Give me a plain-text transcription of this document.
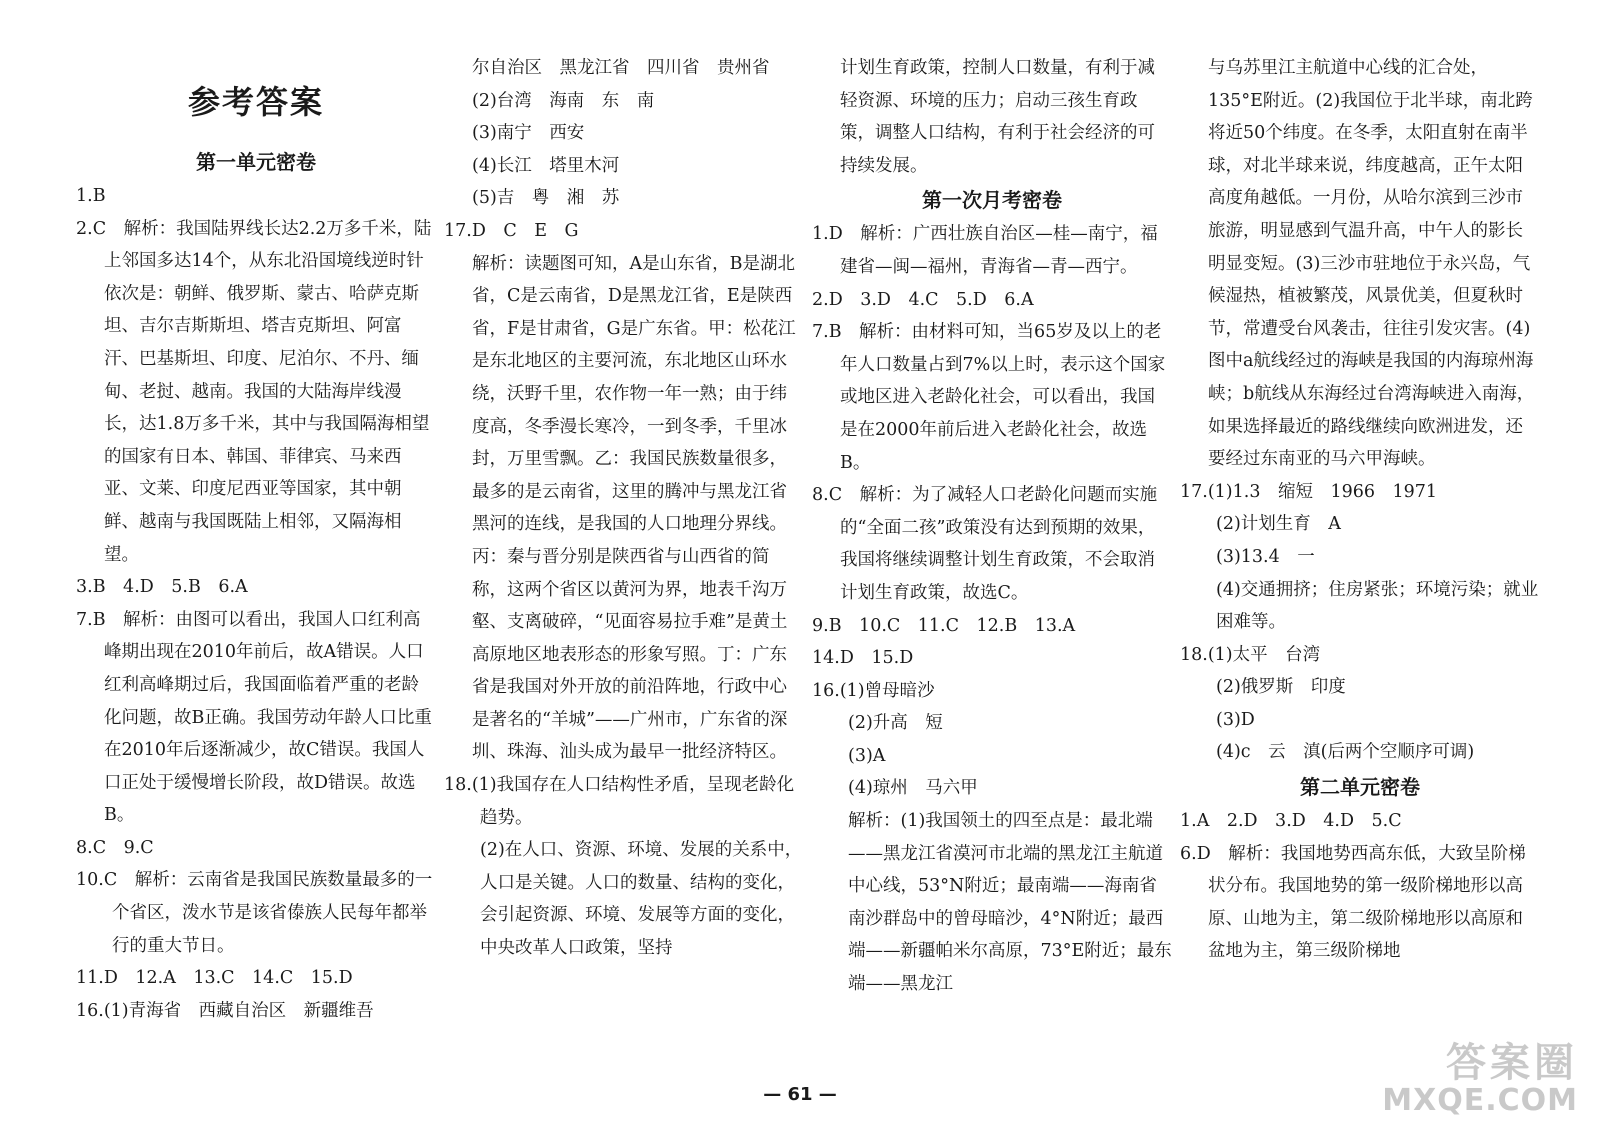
参考答案
第一单元密卷

1.B

2.C　解析：我国陆界线长达2.2万多千米，陆上邻国多达14个，从东北沿国境线逆时针依次是：朝鲜、俄罗斯、蒙古、哈萨克斯坦、吉尔吉斯斯坦、塔吉克斯坦、阿富汗、巴基斯坦、印度、尼泊尔、不丹、缅甸、老挝、越南。我国的大陆海岸线漫长，达1.8万多千米，其中与我国隔海相望的国家有日本、韩国、菲律宾、马来西亚、文莱、印度尼西亚等国家，其中朝鲜、越南与我国既陆上相邻，又隔海相望。

3.B　4.D　5.B　6.A

7.B　解析：由图可以看出，我国人口红利高峰期出现在2010年前后，故A错误。人口红利高峰期过后，我国面临着严重的老龄化问题，故B正确。我国劳动年龄人口比重在2010年后逐渐减少，故C错误。我国人口正处于缓慢增长阶段，故D错误。故选B。

8.C　9.C

10.C　解析：云南省是我国民族数量最多的一个省区，泼水节是该省傣族人民每年都举行的重大节日。

11.D　12.A　13.C　14.C　15.D

16.(1)青海省　西藏自治区　新疆维吾

尔自治区　黑龙江省　四川省　贵州省

(2)台湾　海南　东　南

(3)南宁　西安

(4)长江　塔里木河

(5)吉　粤　湘　苏

17.D　C　E　G

解析：读题图可知，A是山东省，B是湖北省，C是云南省，D是黑龙江省，E是陕西省，F是甘肃省，G是广东省。甲：松花江是东北地区的主要河流，东北地区山环水绕，沃野千里，农作物一年一熟；由于纬度高，冬季漫长寒冷，一到冬季，千里冰封，万里雪飘。乙：我国民族数量很多，最多的是云南省，这里的腾冲与黑龙江省黑河的连线，是我国的人口地理分界线。丙：秦与晋分别是陕西省与山西省的简称，这两个省区以黄河为界，地表千沟万壑、支离破碎，“见面容易拉手难”是黄土高原地区地表形态的形象写照。丁：广东省是我国对外开放的前沿阵地，行政中心是著名的“羊城”——广州市，广东省的深圳、珠海、汕头成为最早一批经济特区。

18.(1)我国存在人口结构性矛盾，呈现老龄化趋势。

(2)在人口、资源、环境、发展的关系中，人口是关键。人口的数量、结构的变化，会引起资源、环境、发展等方面的变化，中央改革人口政策，坚持

计划生育政策，控制人口数量，有利于减轻资源、环境的压力；启动三孩生育政策，调整人口结构，有利于社会经济的可持续发展。

第一次月考密卷

1.D　解析：广西壮族自治区—桂—南宁，福建省—闽—福州，青海省—青—西宁。

2.D　3.D　4.C　5.D　6.A

7.B　解析：由材料可知，当65岁及以上的老年人口数量占到7%以上时，表示这个国家或地区进入老龄化社会，可以看出，我国是在2000年前后进入老龄化社会，故选B。

8.C　解析：为了减轻人口老龄化问题而实施的“全面二孩”政策没有达到预期的效果，我国将继续调整计划生育政策，不会取消计划生育政策，故选C。

9.B　10.C　11.C　12.B　13.A

14.D　15.D

16.(1)曾母暗沙

(2)升高　短

(3)A

(4)琼州　马六甲

解析：(1)我国领土的四至点是：最北端——黑龙江省漠河市北端的黑龙江主航道中心线，53°N附近；最南端——海南省南沙群岛中的曾母暗沙，4°N附近；最西端——新疆帕米尔高原，73°E附近；最东端——黑龙江

与乌苏里江主航道中心线的汇合处，135°E附近。(2)我国位于北半球，南北跨将近50个纬度。在冬季，太阳直射在南半球，对北半球来说，纬度越高，正午太阳高度角越低。一月份，从哈尔滨到三沙市旅游，明显感到气温升高，中午人的影长明显变短。(3)三沙市驻地位于永兴岛，气候湿热，植被繁茂，风景优美，但夏秋时节，常遭受台风袭击，往往引发灾害。(4)图中a航线经过的海峡是我国的内海琼州海峡；b航线从东海经过台湾海峡进入南海，如果选择最近的路线继续向欧洲进发，还要经过东南亚的马六甲海峡。

17.(1)1.3　缩短　1966　1971

(2)计划生育　A

(3)13.4　一

(4)交通拥挤；住房紧张；环境污染；就业困难等。

18.(1)太平　台湾

(2)俄罗斯　印度

(3)D

(4)c　云　滇(后两个空顺序可调)

第二单元密卷

1.A　2.D　3.D　4.D　5.C

6.D　解析：我国地势西高东低，大致呈阶梯状分布。我国地势的第一级阶梯地形以高原、山地为主，第二级阶梯地形以高原和盆地为主，第三级阶梯地

— 61 —
答案圈
MXQE.COM
